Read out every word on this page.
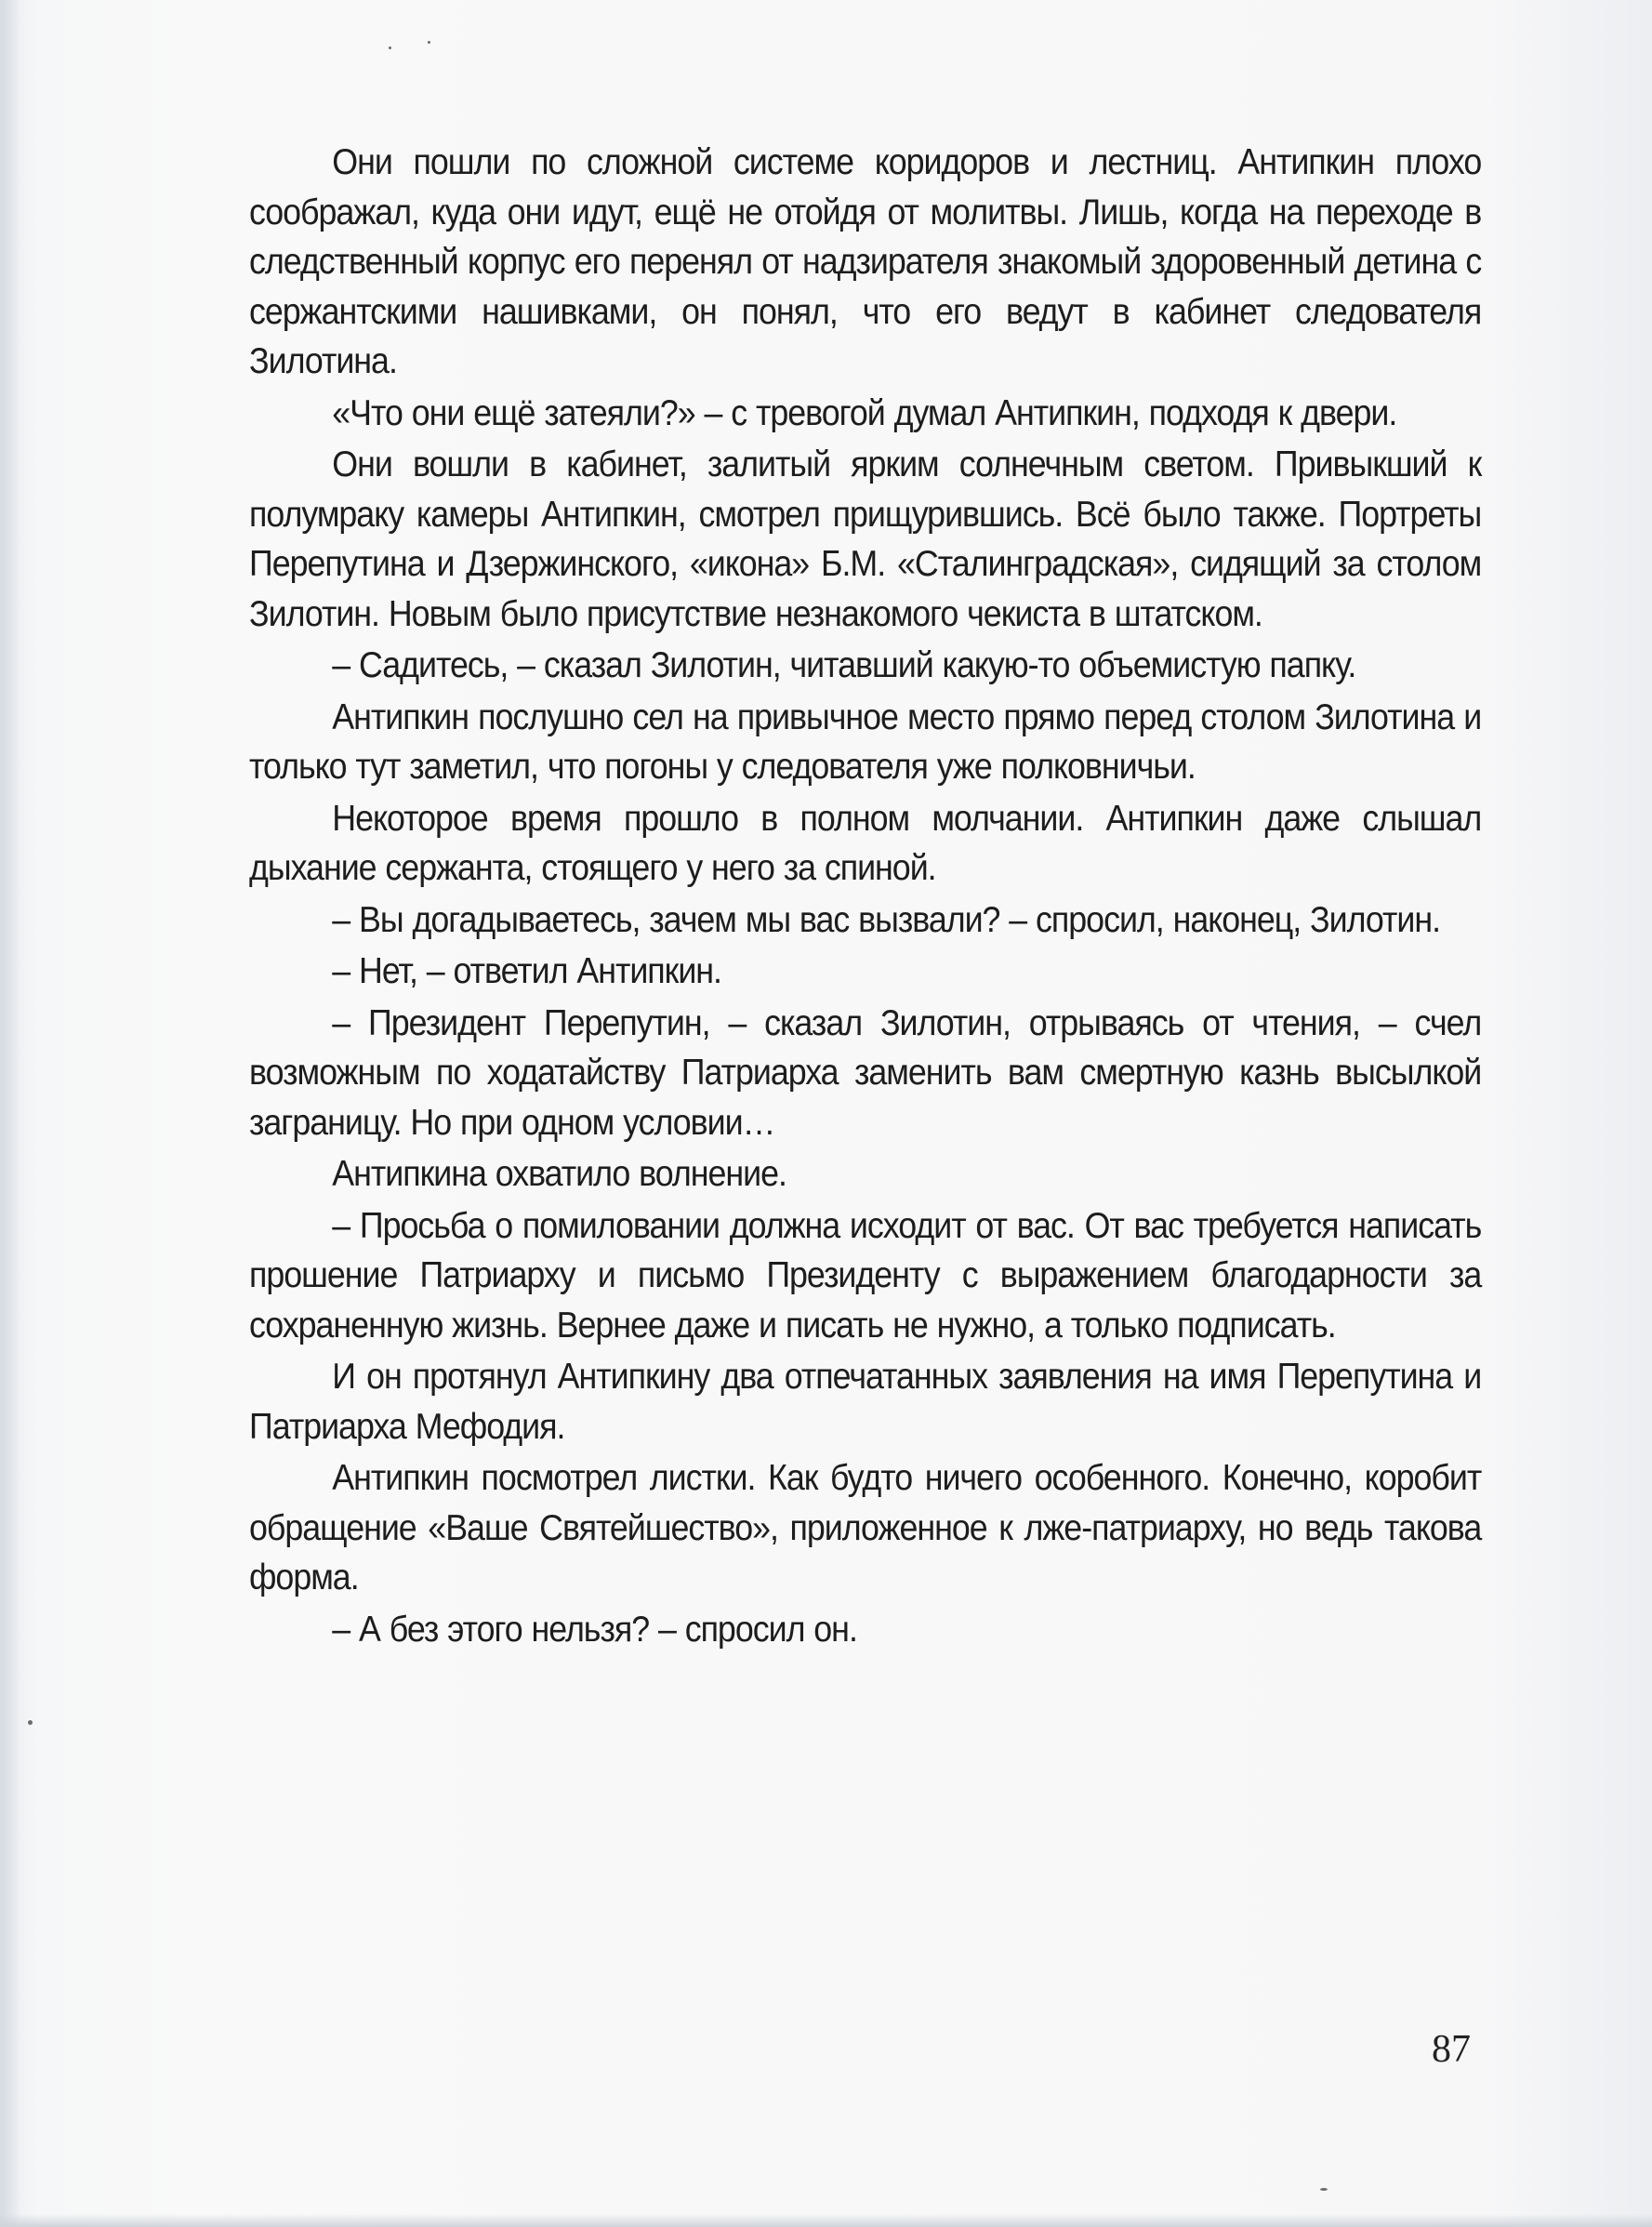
Они пошли по сложной системе коридоров и лестниц. Антипкин плохо соображал, куда они идут, ещё не отойдя от молитвы. Лишь, когда на переходе в следственный корпус его перенял от надзирателя знакомый здоровенный детина с сержантскими нашивками, он понял, что его ведут в кабинет следователя Зилотина.

«Что они ещё затеяли?» – с тревогой думал Антипкин, подходя к двери.

Они вошли в кабинет, залитый ярким солнечным светом. Привыкший к полумраку камеры Антипкин, смотрел прищурившись. Всё было также. Портреты Перепутина и Дзержинского, «икона» Б.М. «Сталинградская», сидящий за столом Зилотин. Новым было присутствие незнакомого чекиста в штатском.

– Садитесь, – сказал Зилотин, читавший какую-то объемистую папку.

Антипкин послушно сел на привычное место прямо перед столом Зилотина и только тут заметил, что погоны у следователя уже полковничьи.

Некоторое время прошло в полном молчании. Антипкин даже слышал дыхание сержанта, стоящего у него за спиной.

– Вы догадываетесь, зачем мы вас вызвали? – спросил, наконец, Зилотин.

– Нет, – ответил Антипкин.

– Президент Перепутин, – сказал Зилотин, отрываясь от чтения, – счел возможным по ходатайству Патриарха заменить вам смертную казнь высылкой заграницу. Но при одном условии…

Антипкина охватило волнение.

– Просьба о помиловании должна исходит от вас. От вас требуется написать прошение Патриарху и письмо Президенту с выражением благодарности за сохраненную жизнь. Вернее даже и писать не нужно, а только подписать.

И он протянул Антипкину два отпечатанных заявления на имя Перепутина и Патриарха Мефодия.

Антипкин посмотрел листки. Как будто ничего особенного. Конечно, коробит обращение «Ваше Святейшество», приложенное к лже-патриарху, но ведь такова форма.

– А без этого нельзя? – спросил он.

87
